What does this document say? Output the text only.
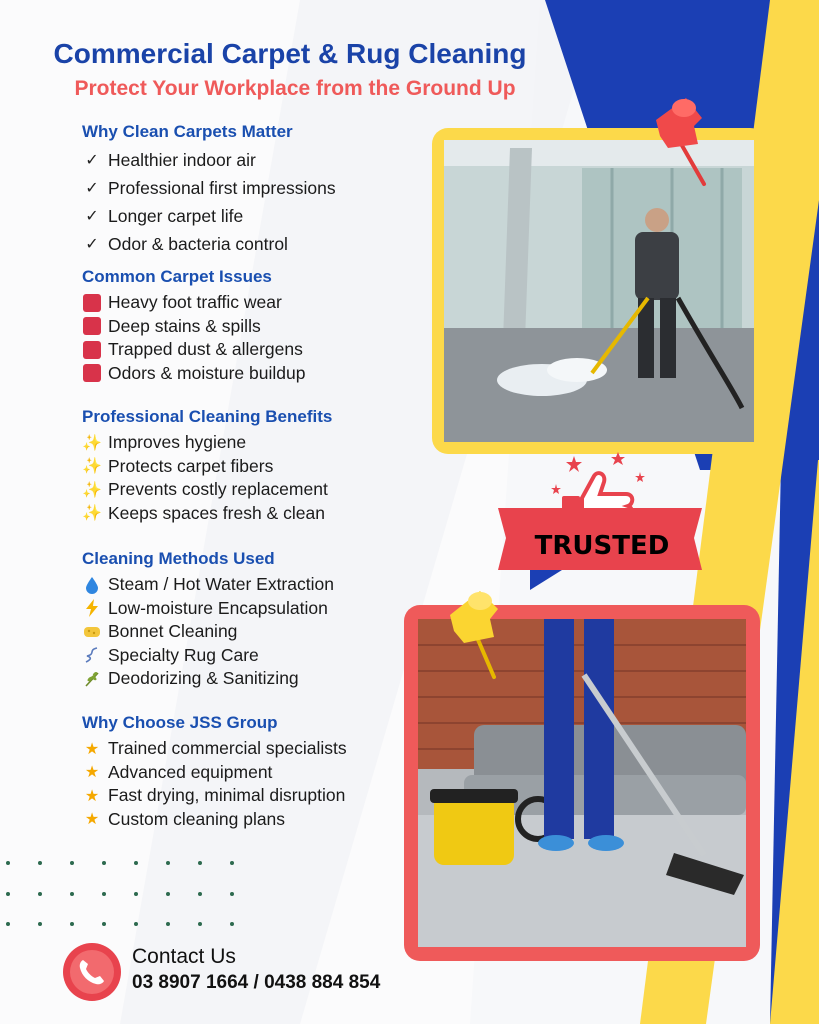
Commercial Carpet & Rug Cleaning
Protect Your Workplace from the Ground Up
Why Clean Carpets Matter
✓ Healthier indoor air
✓ Professional first impressions
✓ Longer carpet life
✓ Odor & bacteria control
Common Carpet Issues
Heavy foot traffic wear
Deep stains & spills
Trapped dust & allergens
Odors & moisture buildup
Professional Cleaning Benefits
✨ Improves hygiene
✨ Protects carpet fibers
✨ Prevents costly replacement
✨ Keeps spaces fresh & clean
Cleaning Methods Used
Steam / Hot Water Extraction
Low-moisture Encapsulation
Bonnet Cleaning
Specialty Rug Care
Deodorizing & Sanitizing
Why Choose JSS Group
★ Trained commercial specialists
★ Advanced equipment
★ Fast drying, minimal disruption
★ Custom cleaning plans
TRUSTED
Contact Us
03 8907 1664 / 0438 884 854
